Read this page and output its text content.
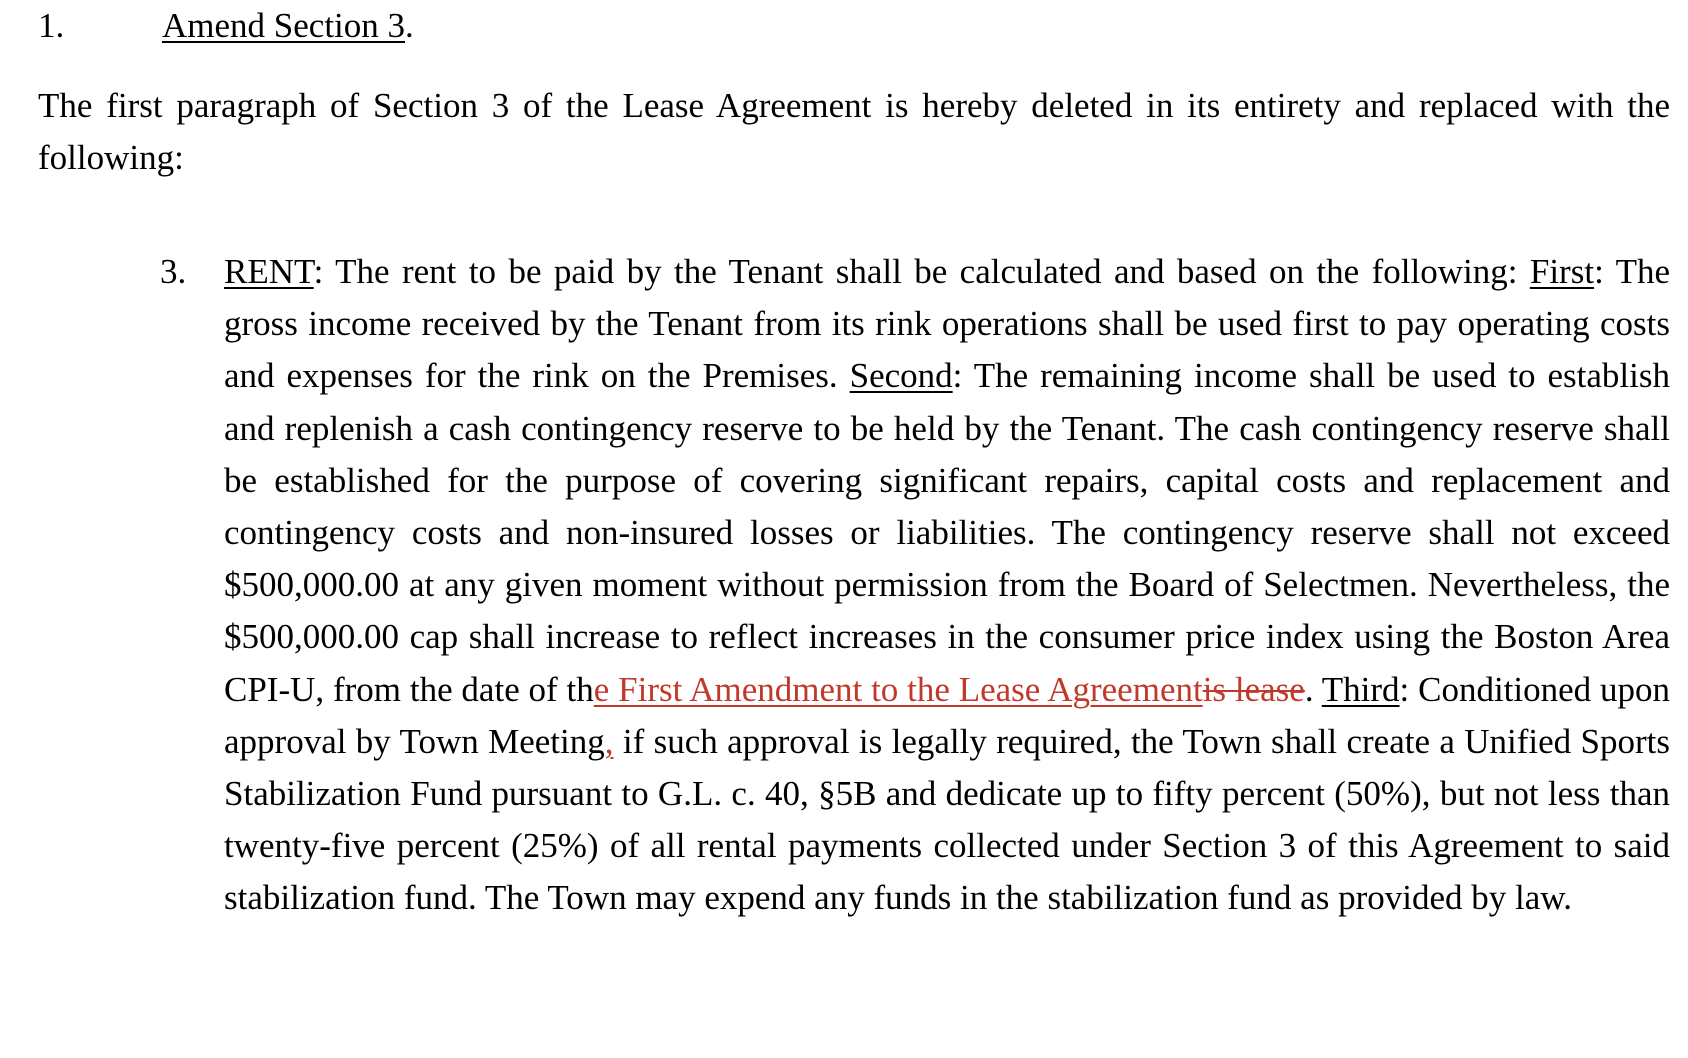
1.	Amend Section 3.

The first paragraph of Section 3 of the Lease Agreement is hereby deleted in its entirety and replaced with the following:

3. RENT: The rent to be paid by the Tenant shall be calculated and based on the following: First: The gross income received by the Tenant from its rink operations shall be used first to pay operating costs and expenses for the rink on the Premises. Second: The remaining income shall be used to establish and replenish a cash contingency reserve to be held by the Tenant. The cash contingency reserve shall be established for the purpose of covering significant repairs, capital costs and replacement and contingency costs and non-insured losses or liabilities. The contingency reserve shall not exceed $500,000.00 at any given moment without permission from the Board of Selectmen. Nevertheless, the $500,000.00 cap shall increase to reflect increases in the consumer price index using the Boston Area CPI-U, from the date of the First Amendment to the Lease Agreementis lease. Third: Conditioned upon approval by Town Meeting, if such approval is legally required, the Town shall create a Unified Sports Stabilization Fund pursuant to G.L. c. 40, §5B and dedicate up to fifty percent (50%), but not less than twenty-five percent (25%) of all rental payments collected under Section 3 of this Agreement to said stabilization fund. The Town may expend any funds in the stabilization fund as provided by law.
